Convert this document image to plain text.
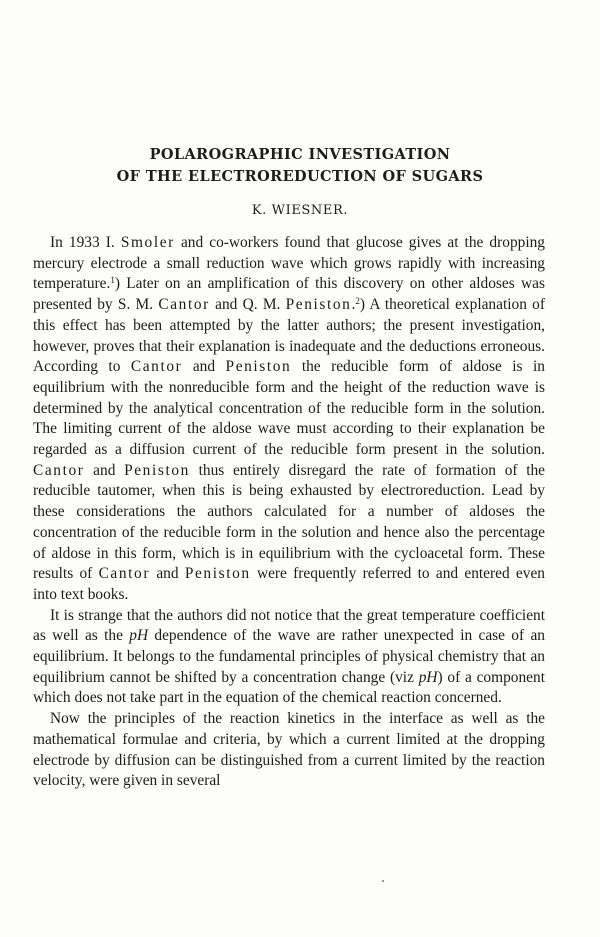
POLAROGRAPHIC INVESTIGATION
OF THE ELECTROREDUCTION OF SUGARS
K. WIESNER.

In 1933 I. Smoler and co-workers found that glucose gives at the dropping mercury electrode a small reduction wave which grows rapidly with increasing temperature.$^1$) Later on an amplification of this discovery on other aldoses was presented by S. M. Cantor and Q. M. Peniston.$^2$) A theoretical explanation of this effect has been attempted by the latter authors; the present investigation, however, proves that their explanation is inadequate and the deductions erroneous. According to Cantor and Peniston the reducible form of aldose is in equilibrium with the nonreducible form and the height of the reduction wave is determined by the analytical concentration of the reducible form in the solution. The limiting current of the aldose wave must according to their explanation be regarded as a diffusion current of the reducible form present in the solution. Cantor and Peniston thus entirely disregard the rate of formation of the reducible tautomer, when this is being exhausted by electroreduction. Lead by these considerations the authors calculated for a number of aldoses the concentration of the reducible form in the solution and hence also the percentage of aldose in this form, which is in equilibrium with the cycloacetal form. These results of Cantor and Peniston were frequently referred to and entered even into text books.

It is strange that the authors did not notice that the great temperature coefficient as well as the pH dependence of the wave are rather unexpected in case of an equilibrium. It belongs to the fundamental principles of physical chemistry that an equilibrium cannot be shifted by a concentration change (viz pH) of a component which does not take part in the equation of the chemical reaction concerned.

Now the principles of the reaction kinetics in the interface as well as the mathematical formulae and criteria, by which a current limited at the dropping electrode by diffusion can be distinguished from a current limited by the reaction velocity, were given in several
